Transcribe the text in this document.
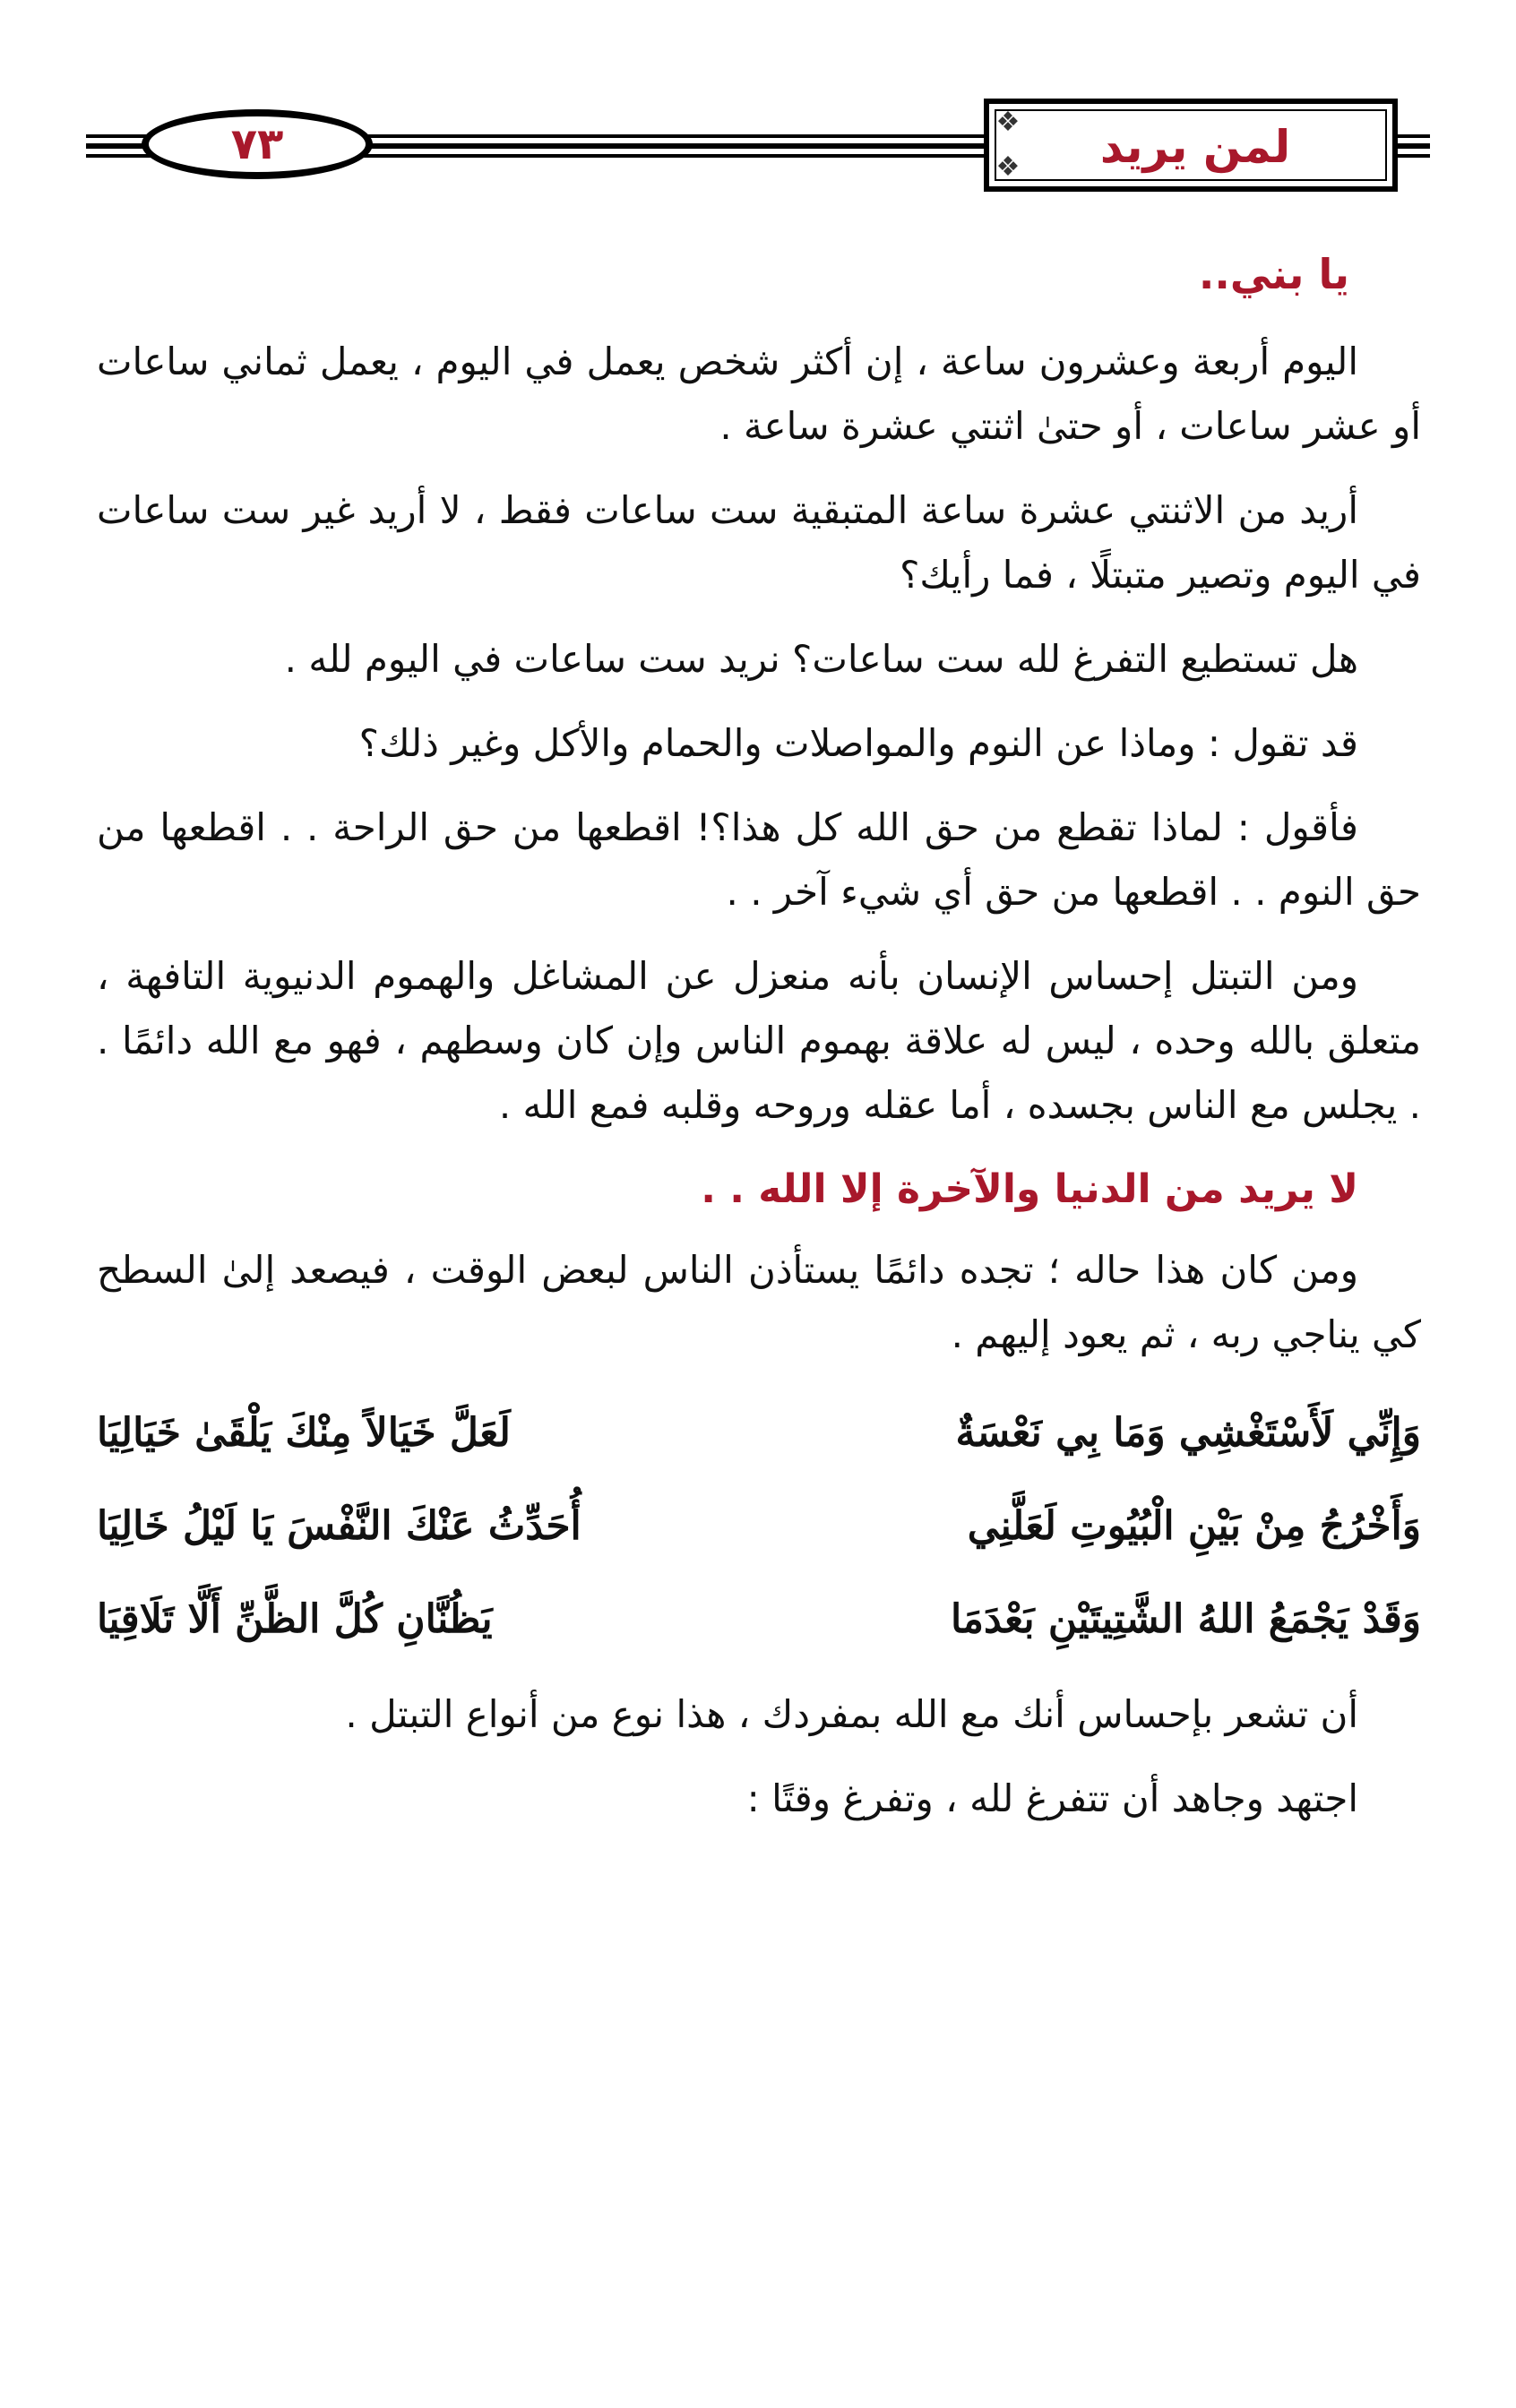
٧٣	❖
❖	لمن يريد
يا بني..

اليوم أربعة وعشرون ساعة ، إن أكثر شخص يعمل في اليوم ، يعمل ثماني ساعات أو عشر ساعات ، أو حتىٰ اثنتي عشرة ساعة .

أريد من الاثنتي عشرة ساعة المتبقية ست ساعات فقط ، لا أريد غير ست ساعات في اليوم وتصير متبتلًا ، فما رأيك؟

هل تستطيع التفرغ لله ست ساعات؟ نريد ست ساعات في اليوم لله .

قد تقول : وماذا عن النوم والمواصلات والحمام والأكل وغير ذلك؟

فأقول : لماذا تقطع من حق الله كل هذا؟! اقطعها من حق الراحة . . اقطعها من حق النوم . . اقطعها من حق أي شيء آخر . .

ومن التبتل إحساس الإنسان بأنه منعزل عن المشاغل والهموم الدنيوية التافهة ، متعلق بالله وحده ، ليس له علاقة بهموم الناس وإن كان وسطهم ، فهو مع الله دائمًا . . يجلس مع الناس بجسده ، أما عقله وروحه وقلبه فمع الله .

لا يريد من الدنيا والآخرة إلا الله . .

ومن كان هذا حاله ؛ تجده دائمًا يستأذن الناس لبعض الوقت ، فيصعد إلىٰ السطح كي يناجي ربه ، ثم يعود إليهم .

وَإِنِّي لَأَسْتَغْشِي وَمَا بِي نَعْسَةٌ
لَعَلَّ خَيَالاً مِنْكَ يَلْقَىٰ خَيَالِيَا
وَأَخْرُجُ مِنْ بَيْنِ الْبُيُوتِ لَعَلَّنِي
أُحَدِّثُ عَنْكَ النَّفْسَ يَا لَيْلُ خَالِيَا
وَقَدْ يَجْمَعُ اللهُ الشَّتِيتَيْنِ بَعْدَمَا
يَظُنَّانِ كُلَّ الظَّنِّ أَلَّا تَلَاقِيَا

أن تشعر بإحساس أنك مع الله بمفردك ، هذا نوع من أنواع التبتل .

اجتهد وجاهد أن تتفرغ لله ، وتفرغ وقتًا :
